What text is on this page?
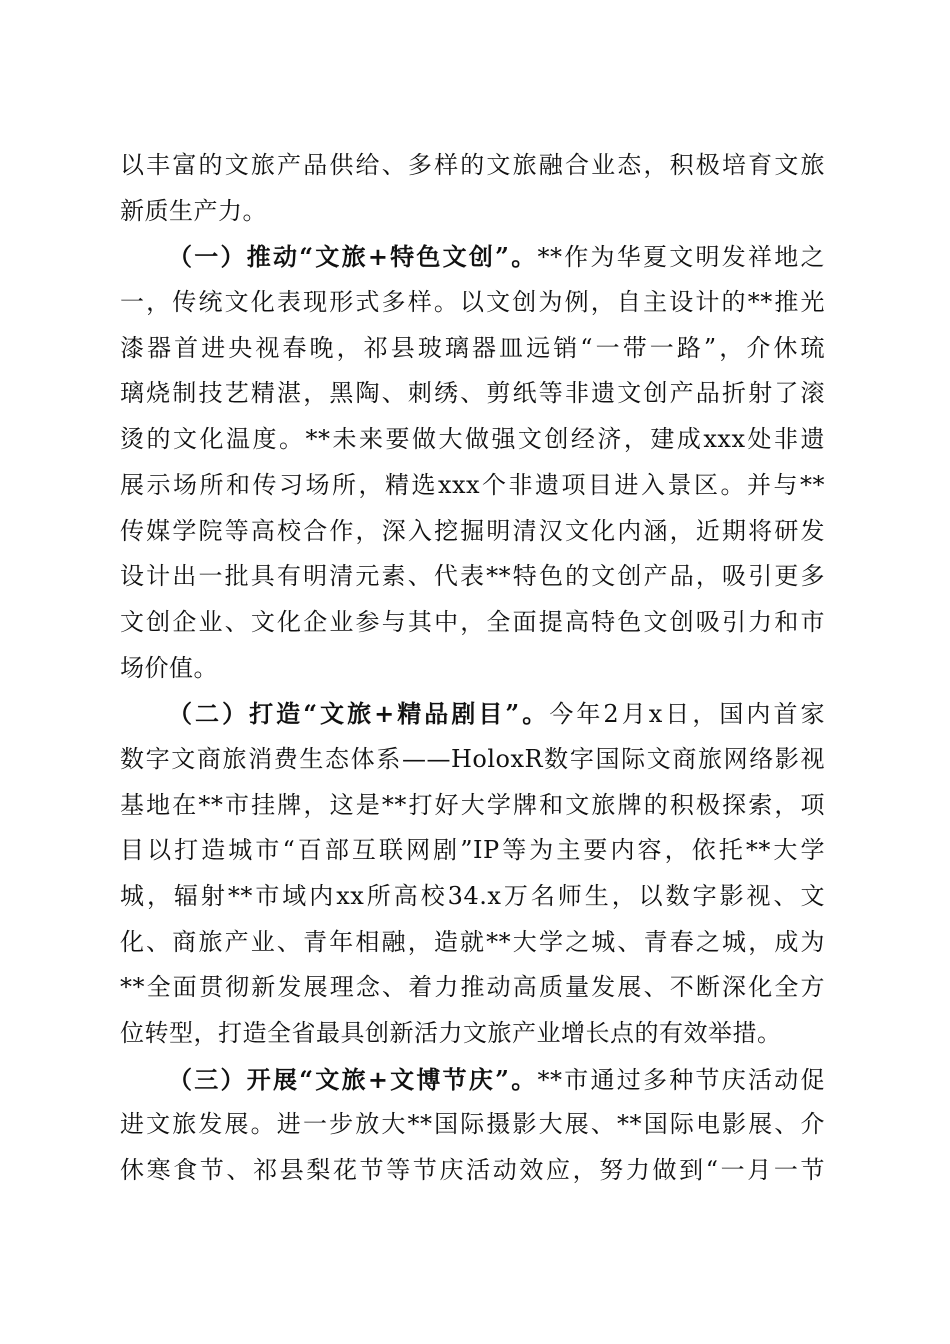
以丰富的文旅产品供给、多样的文旅融合业态，积极培育文旅
新质生产力。
（一）推动“文旅+特色文创”。**作为华夏文明发祥地之
一，传统文化表现形式多样。以文创为例，自主设计的**推光
漆器首进央视春晚，祁县玻璃器皿远销“一带一路”，介休琉
璃烧制技艺精湛，黑陶、刺绣、剪纸等非遗文创产品折射了滚
烫的文化温度。**未来要做大做强文创经济，建成xxx处非遗
展示场所和传习场所，精选xxx个非遗项目进入景区。并与**
传媒学院等高校合作，深入挖掘明清汉文化内涵，近期将研发
设计出一批具有明清元素、代表**特色的文创产品，吸引更多
文创企业、文化企业参与其中，全面提高特色文创吸引力和市
场价值。
（二）打造“文旅+精品剧目”。今年2月x日，国内首家
数字文商旅消费生态体系——HoloxR数字国际文商旅网络影视
基地在**市挂牌，这是**打好大学牌和文旅牌的积极探索，项
目以打造城市“百部互联网剧”IP等为主要内容，依托**大学
城，辐射**市域内xx所高校34.x万名师生，以数字影视、文
化、商旅产业、青年相融，造就**大学之城、青春之城，成为
**全面贯彻新发展理念、着力推动高质量发展、不断深化全方
位转型，打造全省最具创新活力文旅产业增长点的有效举措。
（三）开展“文旅+文博节庆”。**市通过多种节庆活动促
进文旅发展。进一步放大**国际摄影大展、**国际电影展、介
休寒食节、祁县梨花节等节庆活动效应，努力做到“一月一节
